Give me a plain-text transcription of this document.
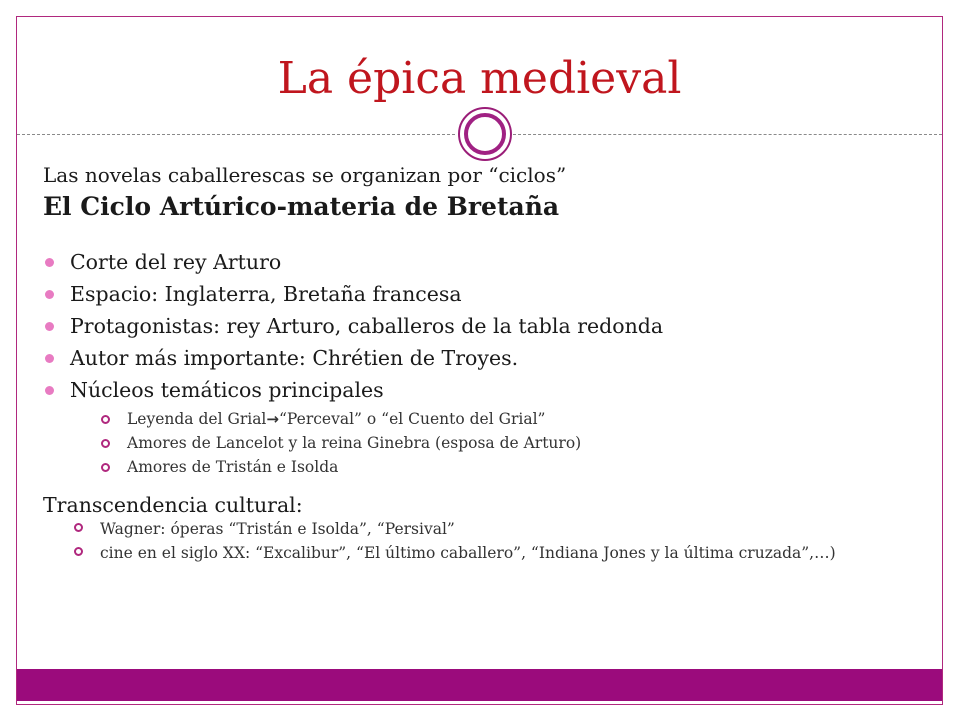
La épica medieval

Las novelas caballerescas se organizan por “ciclos”

El Ciclo Artúrico-materia de Bretaña

Corte del rey Arturo
Espacio: Inglaterra, Bretaña francesa
Protagonistas: rey Arturo, caballeros de la tabla redonda
Autor más importante: Chrétien de Troyes.
Núcleos temáticos principales
Leyenda del Grial→“Perceval” o “el Cuento del Grial”
Amores de Lancelot y la reina Ginebra (esposa de Arturo)
Amores de Tristán e Isolda

Transcendencia cultural:

Wagner: óperas “Tristán e Isolda”, “Persival”
cine en el siglo XX: “Excalibur”, “El último caballero”, “Indiana Jones y la última cruzada”,…)
